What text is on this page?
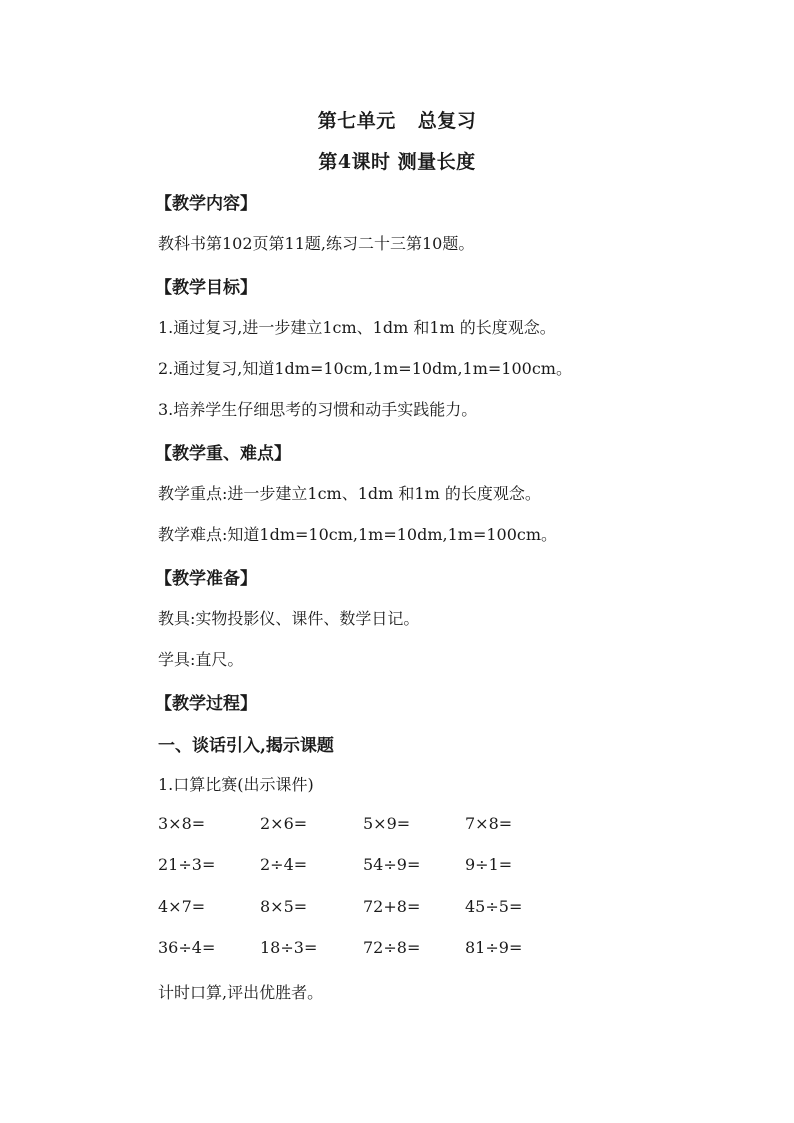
第七单元 总复习
第4课时 测量长度
【教学内容】
教科书第102页第11题,练习二十三第10题。
【教学目标】
1.通过复习,进一步建立1cm、1dm 和1m 的长度观念。
2.通过复习,知道1dm=10cm,1m=10dm,1m=100cm。
3.培养学生仔细思考的习惯和动手实践能力。
【教学重、难点】
教学重点:进一步建立1cm、1dm 和1m 的长度观念。
教学难点:知道1dm=10cm,1m=10dm,1m=100cm。
【教学准备】
教具:实物投影仪、课件、数学日记。
学具:直尺。
【教学过程】
一、谈话引入,揭示课题
1.口算比赛(出示课件)
3×8=	2×6=	5×9=	7×8=
21÷3=	2÷4=	54÷9=	9÷1=
4×7=	8×5=	72+8=	45÷5=
36÷4=	18÷3=	72÷8=	81÷9=
计时口算,评出优胜者。
